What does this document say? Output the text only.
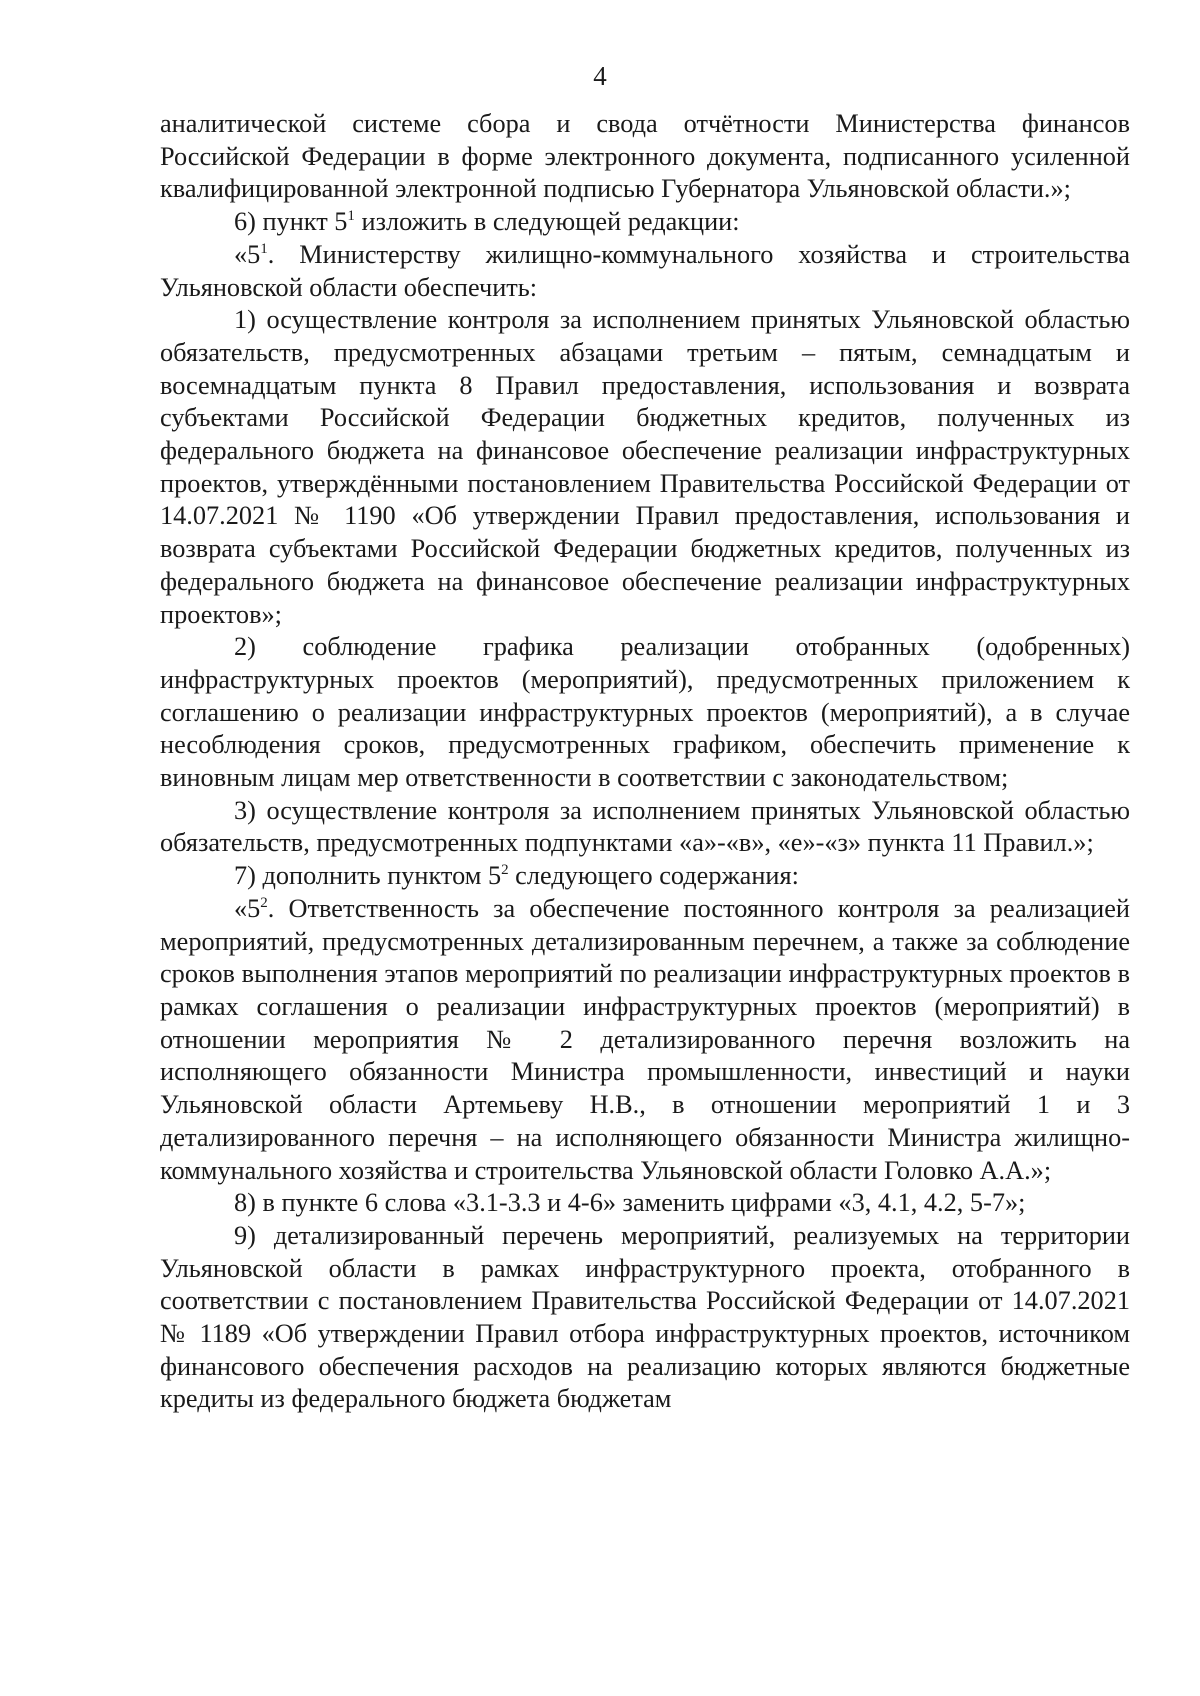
4

аналитической системе сбора и свода отчётности Министерства финансов Российской Федерации в форме электронного документа, подписанного усиленной квалифицированной электронной подписью Губернатора Ульяновской области.»;

6) пункт $5^1$ изложить в следующей редакции:

«$5^1$. Министерству жилищно-коммунального хозяйства и строительства Ульяновской области обеспечить:

1) осуществление контроля за исполнением принятых Ульяновской областью обязательств, предусмотренных абзацами третьим – пятым, семнадцатым и восемнадцатым пункта 8 Правил предоставления, использования и возврата субъектами Российской Федерации бюджетных кредитов, полученных из федерального бюджета на финансовое обеспечение реализации инфраструктурных проектов, утверждёнными постановлением Правительства Российской Федерации от 14.07.2021 № 1190 «Об утверждении Правил предоставления, использования и возврата субъектами Российской Федерации бюджетных кредитов, полученных из федерального бюджета на финансовое обеспечение реализации инфраструктурных проектов»;

2) соблюдение графика реализации отобранных (одобренных) инфраструктурных проектов (мероприятий), предусмотренных приложением к соглашению о реализации инфраструктурных проектов (мероприятий), а в случае несоблюдения сроков, предусмотренных графиком, обеспечить применение к виновным лицам мер ответственности в соответствии с законодательством;

3) осуществление контроля за исполнением принятых Ульяновской областью обязательств, предусмотренных подпунктами «а»-«в», «е»-«з» пункта 11 Правил.»;

7) дополнить пунктом $5^2$ следующего содержания:

«$5^2$. Ответственность за обеспечение постоянного контроля за реализацией мероприятий, предусмотренных детализированным перечнем, а также за соблюдение сроков выполнения этапов мероприятий по реализации инфраструктурных проектов в рамках соглашения о реализации инфраструктурных проектов (мероприятий) в отношении мероприятия № 2 детализированного перечня возложить на исполняющего обязанности Министра промышленности, инвестиций и науки Ульяновской области Артемьеву Н.В., в отношении мероприятий 1 и 3 детализированного перечня – на исполняющего обязанности Министра жилищно-коммунального хозяйства и строительства Ульяновской области Головко А.А.»;

8) в пункте 6 слова «3.1-3.3 и 4-6» заменить цифрами «3, 4.1, 4.2, 5-7»;

9) детализированный перечень мероприятий, реализуемых на территории Ульяновской области в рамках инфраструктурного проекта, отобранного в соответствии с постановлением Правительства Российской Федерации от 14.07.2021 № 1189 «Об утверждении Правил отбора инфраструктурных проектов, источником финансового обеспечения расходов на реализацию которых являются бюджетные кредиты из федерального бюджета бюджетам
